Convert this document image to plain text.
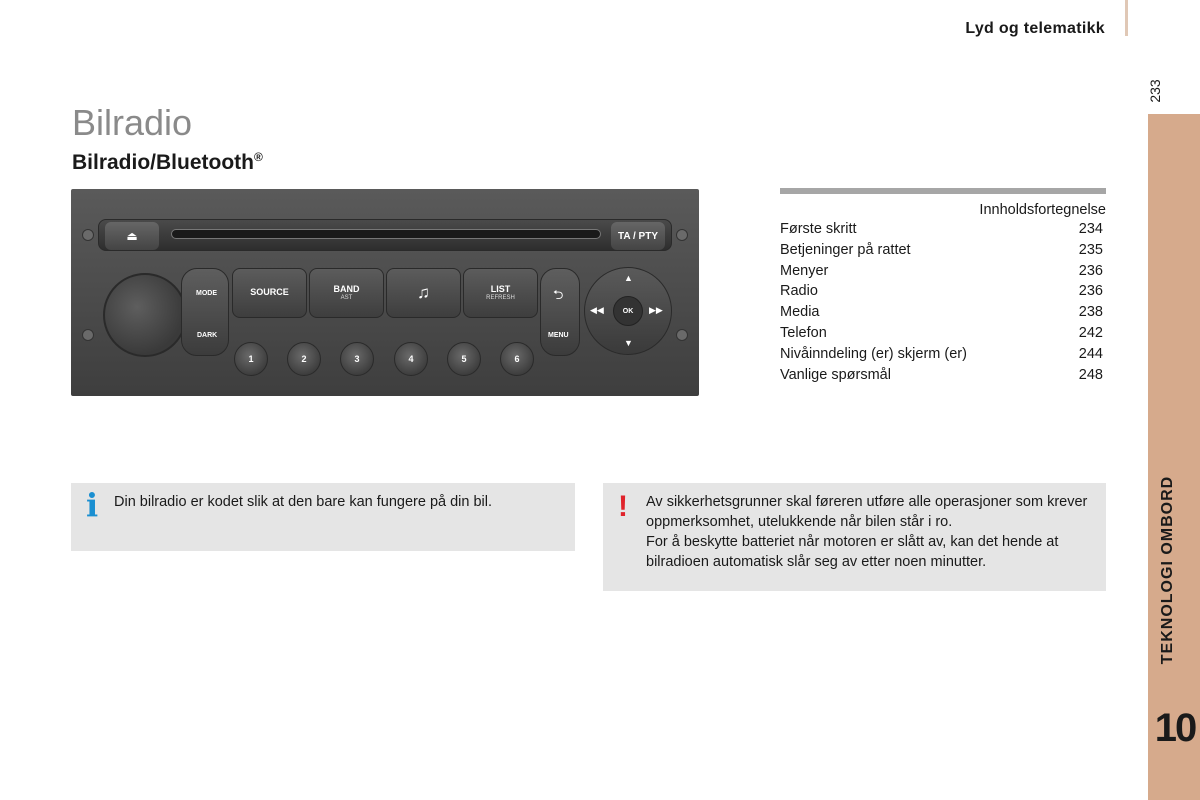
Lyd og telematikk
233
TEKNOLOGI OMBORD
10
Bilradio
Bilradio/Bluetooth®
⏏	TA / PTY
MODE
DARK
SOURCE	BAND
AST	♫	LIST
REFRESH	⮌
MENU
▲
▼
◀◀	▶▶
OK
1	2	3	4	5	6
Innholdsfortegnelse
Første skritt	234
Betjeninger på rattet	235
Menyer	236
Radio	236
Media	238
Telefon	242
Nivåinndeling (er) skjerm (er)	244
Vanlige spørsmål	248
i Din bilradio er kodet slik at den bare kan fungere på din bil.	! Av sikkerhetsgrunner skal føreren utføre alle operasjoner som krever oppmerksomhet, utelukkende når bilen står i ro.

For å beskytte batteriet når motoren er slått av, kan det hende at bilradioen automatisk slår seg av etter noen minutter.
